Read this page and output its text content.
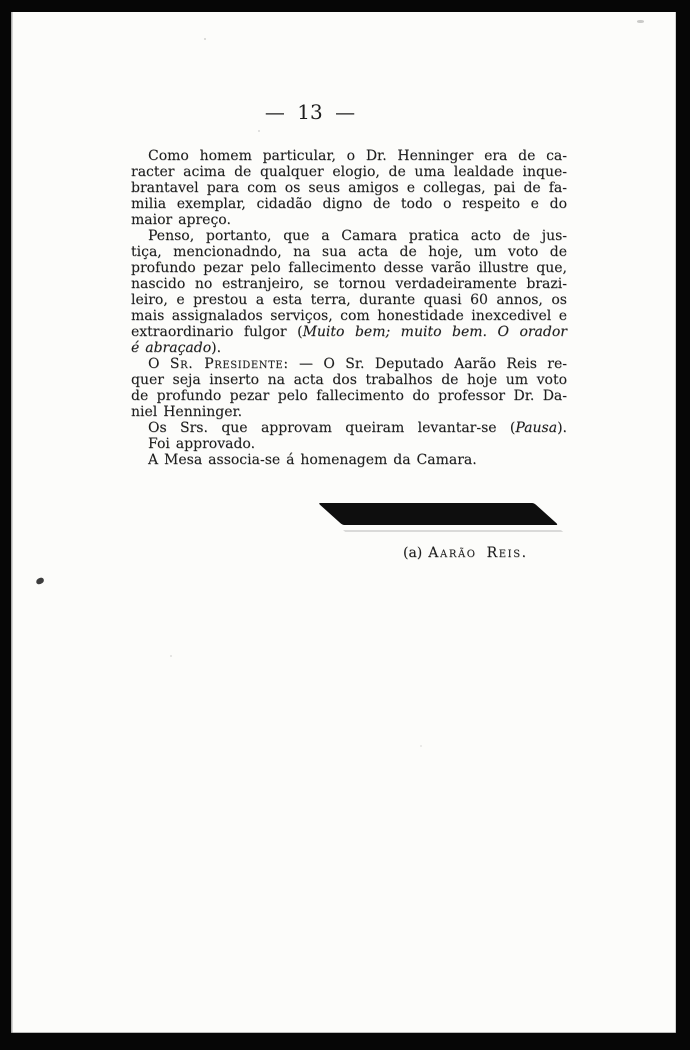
— 13 —
Como homem particular, o Dr. Henninger era de ca-
racter acima de qualquer elogio, de uma lealdade inque-
brantavel para com os seus amigos e collegas, pai de fa-
milia exemplar, cidadão digno de todo o respeito e do
maior apreço.
Penso, portanto, que a Camara pratica acto de jus-
tiça, mencionadndo, na sua acta de hoje, um voto de
profundo pezar pelo fallecimento desse varão illustre que,
nascido no estranjeiro, se tornou verdadeiramente brazi-
leiro, e prestou a esta terra, durante quasi 60 annos, os
mais assignalados serviços, com honestidade inexcedivel e
extraordinario fulgor (Muito bem; muito bem. O orador
é abraçado).
O Sr. Presidente: — O Sr. Deputado Aarão Reis re-
quer seja inserto na acta dos trabalhos de hoje um voto
de profundo pezar pelo fallecimento do professor Dr. Da-
niel Henninger.
Os Srs. que approvam queiram levantar-se (Pausa).
Foi approvado.
A Mesa associa-se á homenagem da Camara.
(a) Aarão Reis.
